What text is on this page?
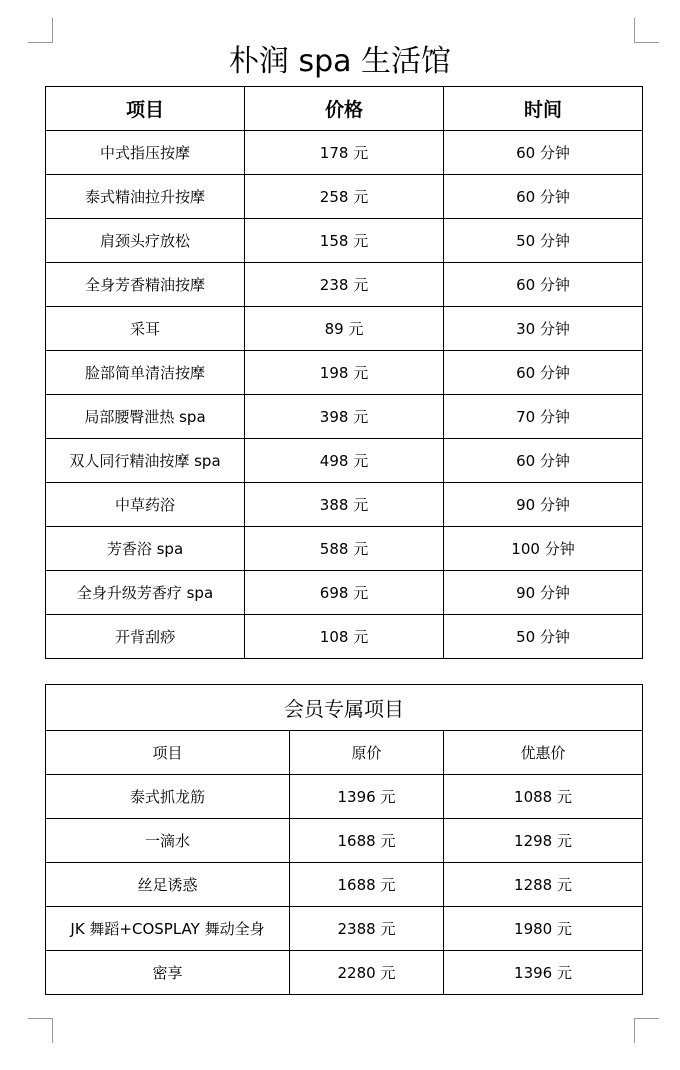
朴润 spa 生活馆
项目	价格	时间
中式指压按摩	178 元	60 分钟
泰式精油拉升按摩	258 元	60 分钟
肩颈头疗放松	158 元	50 分钟
全身芳香精油按摩	238 元	60 分钟
采耳	89 元	30 分钟
脸部简单清洁按摩	198 元	60 分钟
局部腰臀泄热 spa	398 元	70 分钟
双人同行精油按摩 spa	498 元	60 分钟
中草药浴	388 元	90 分钟
芳香浴 spa	588 元	100 分钟
全身升级芳香疗 spa	698 元	90 分钟
开背刮痧	108 元	50 分钟
会员专属项目		
项目	原价	优惠价
泰式抓龙筋	1396 元	1088 元
一滴水	1688 元	1298 元
丝足诱惑	1688 元	1288 元
JK 舞蹈+COSPLAY 舞动全身	2388 元	1980 元
密享	2280 元	1396 元
